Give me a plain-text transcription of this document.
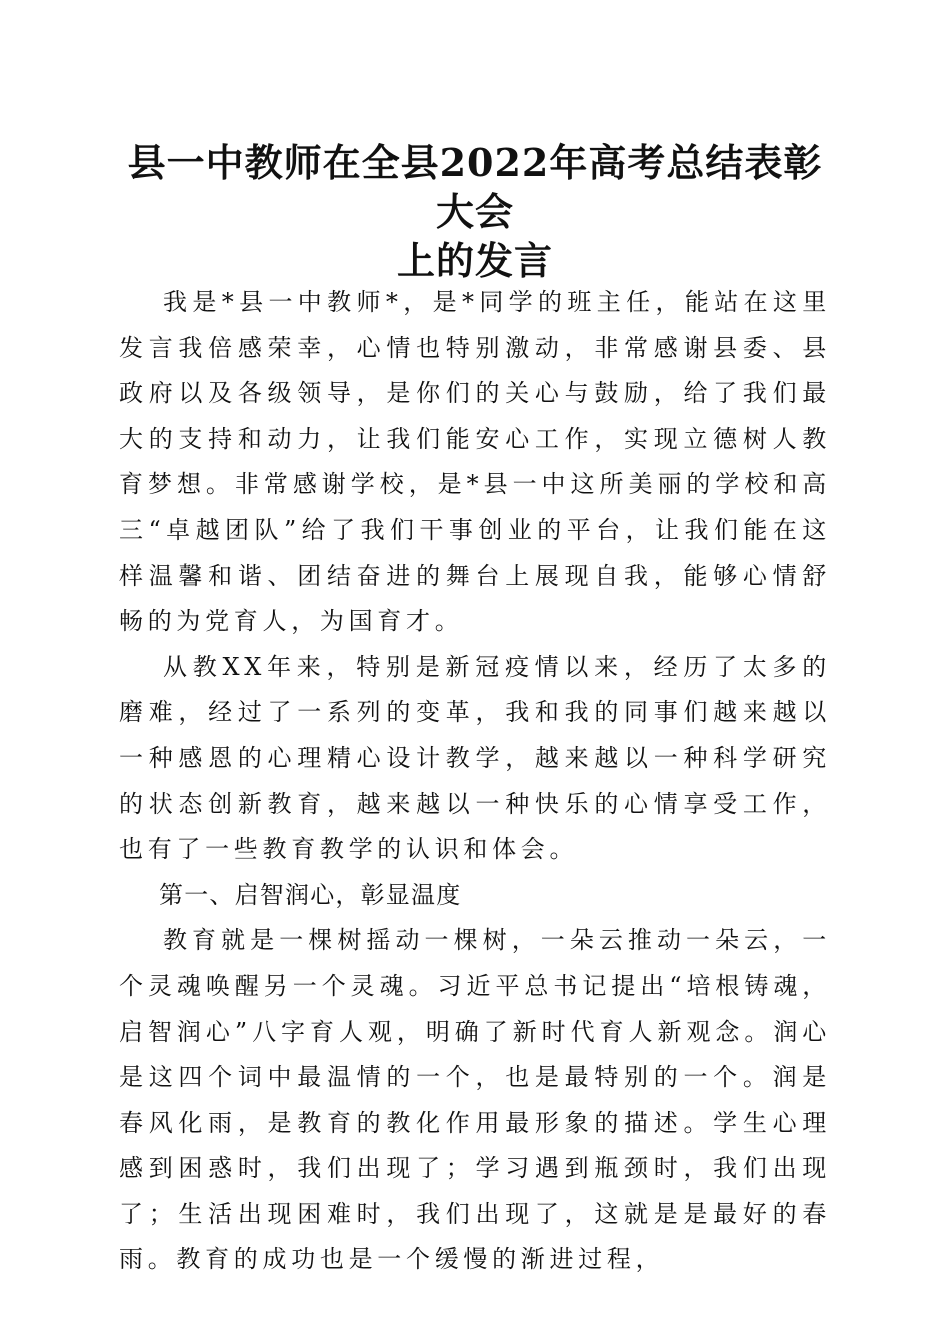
县一中教师在全县2022年高考总结表彰大会
上的发言

我是*县一中教师*，是*同学的班主任，能站在这里发言我倍感荣幸，心情也特别激动，非常感谢县委、县政府以及各级领导，是你们的关心与鼓励，给了我们最大的支持和动力，让我们能安心工作，实现立德树人教育梦想。非常感谢学校，是*县一中这所美丽的学校和高三“卓越团队”给了我们干事创业的平台，让我们能在这样温馨和谐、团结奋进的舞台上展现自我，能够心情舒畅的为党育人，为国育才。

从教XX年来，特别是新冠疫情以来，经历了太多的磨难，经过了一系列的变革，我和我的同事们越来越以一种感恩的心理精心设计教学，越来越以一种科学研究的状态创新教育，越来越以一种快乐的心情享受工作，也有了一些教育教学的认识和体会。

第一、启智润心，彰显温度

教育就是一棵树摇动一棵树，一朵云推动一朵云，一个灵魂唤醒另一个灵魂。习近平总书记提出“培根铸魂，启智润心”八字育人观，明确了新时代育人新观念。润心是这四个词中最温情的一个，也是最特别的一个。润是春风化雨，是教育的教化作用最形象的描述。学生心理感到困惑时，我们出现了；学习遇到瓶颈时，我们出现了；生活出现困难时，我们出现了，这就是是最好的春雨。教育的成功也是一个缓慢的渐进过程，
